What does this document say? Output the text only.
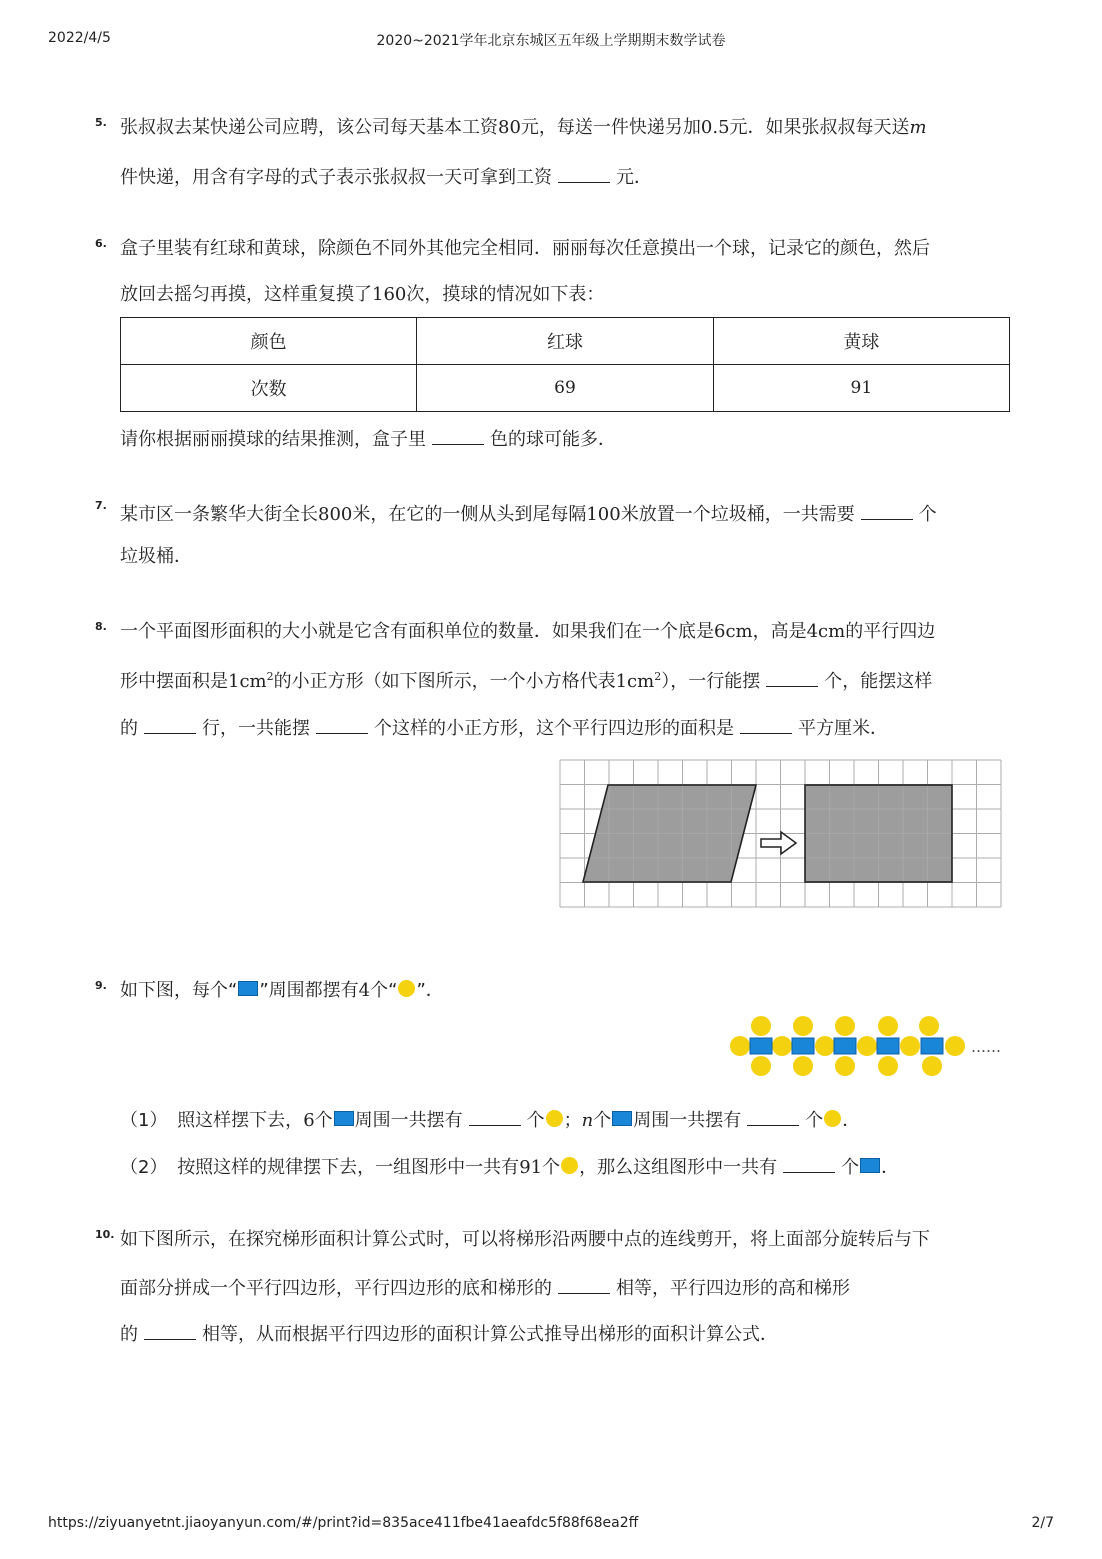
2022/4/5	2020~2021学年北京东城区五年级上学期期末数学试卷
https://ziyuanyetnt.jiaoyanyun.com/#/print?id=835ace411fbe41aeafdc5f88f68ea2ff	2/7
5. 张叔叔去某快递公司应聘，该公司每天基本工资80元，每送一件快递另加0.5元．如果张叔叔每天送m
件快递，用含有字母的式子表示张叔叔一天可拿到工资	元．
6. 盒子里装有红球和黄球，除颜色不同外其他完全相同．丽丽每次任意摸出一个球，记录它的颜色，然后
放回去摇匀再摸，这样重复摸了160次，摸球的情况如下表：
颜色	红球	黄球
次数	69	91
请你根据丽丽摸球的结果推测，盒子里	色的球可能多．
7. 某市区一条繁华大街全长800米，在它的一侧从头到尾每隔100米放置一个垃圾桶，一共需要	个
垃圾桶．
8. 一个平面图形面积的大小就是它含有面积单位的数量．如果我们在一个底是6cm，高是4cm的平行四边
形中摆面积是$1cm^2$的小正方形（如下图所示，一个小方格代表$1cm^2$），一行能摆	个，能摆这样
的	行，一共能摆	个这样的小正方形，这个平行四边形的面积是	平方厘米．
9. 如下图，每个“ ”周围都摆有4个“ ”．
……
（1） 照这样摆下去，6个 周围一共摆有	个 ；n个 周围一共摆有	个 ．
（2） 按照这样的规律摆下去，一组图形中一共有91个 ，那么这组图形中一共有	个 ．
10. 如下图所示，在探究梯形面积计算公式时，可以将梯形沿两腰中点的连线剪开，将上面部分旋转后与下
面部分拼成一个平行四边形，平行四边形的底和梯形的	相等，平行四边形的高和梯形
的	相等，从而根据平行四边形的面积计算公式推导出梯形的面积计算公式．
